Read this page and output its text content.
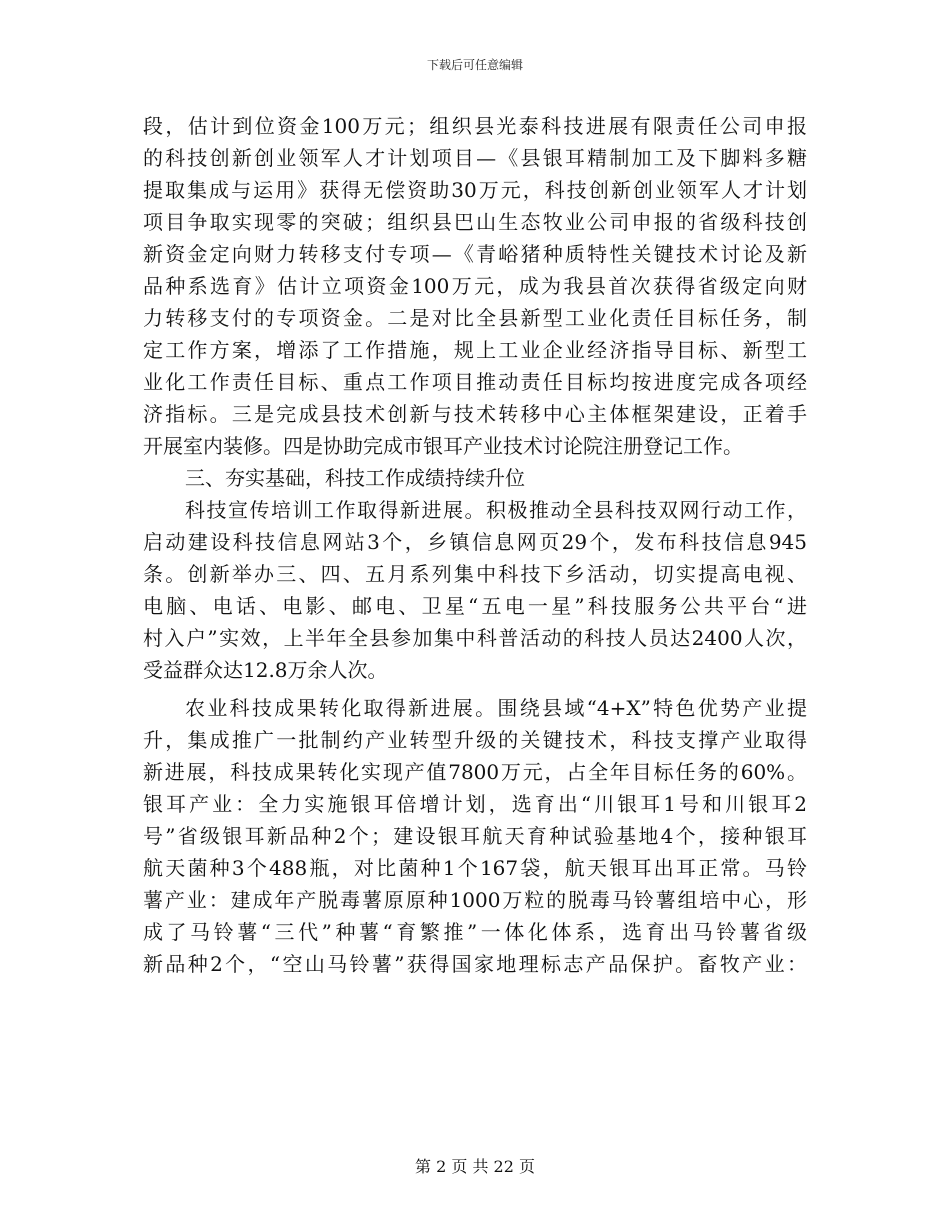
下载后可任意编辑
段，估计到位资金100万元；组织县光泰科技进展有限责任公司申报
的科技创新创业领军人才计划项目—《县银耳精制加工及下脚料多糖
提取集成与运用》获得无偿资助30万元，科技创新创业领军人才计划
项目争取实现零的突破；组织县巴山生态牧业公司申报的省级科技创
新资金定向财力转移支付专项—《青峪猪种质特性关键技术讨论及新
品种系选育》估计立项资金100万元，成为我县首次获得省级定向财
力转移支付的专项资金。二是对比全县新型工业化责任目标任务，制
定工作方案，增添了工作措施，规上工业企业经济指导目标、新型工
业化工作责任目标、重点工作项目推动责任目标均按进度完成各项经
济指标。三是完成县技术创新与技术转移中心主体框架建设，正着手
开展室内装修。四是协助完成市银耳产业技术讨论院注册登记工作。
三、夯实基础，科技工作成绩持续升位
科技宣传培训工作取得新进展。积极推动全县科技双网行动工作，
启动建设科技信息网站3个，乡镇信息网页29个，发布科技信息945
条。创新举办三、四、五月系列集中科技下乡活动，切实提高电视、
电脑、电话、电影、邮电、卫星“五电一星”科技服务公共平台“进
村入户”实效，上半年全县参加集中科普活动的科技人员达2400人次，
受益群众达12.8万余人次。
农业科技成果转化取得新进展。围绕县域“4+X”特色优势产业提
升，集成推广一批制约产业转型升级的关键技术，科技支撑产业取得
新进展，科技成果转化实现产值7800万元，占全年目标任务的60%。
银耳产业：全力实施银耳倍增计划，选育出“川银耳1号和川银耳2
号”省级银耳新品种2个；建设银耳航天育种试验基地4个，接种银耳
航天菌种3个488瓶，对比菌种1个167袋，航天银耳出耳正常。马铃
薯产业：建成年产脱毒薯原原种1000万粒的脱毒马铃薯组培中心，形
成了马铃薯“三代”种薯“育繁推”一体化体系，选育出马铃薯省级
新品种2个，“空山马铃薯”获得国家地理标志产品保护。畜牧产业：
第 2 页 共 22 页
